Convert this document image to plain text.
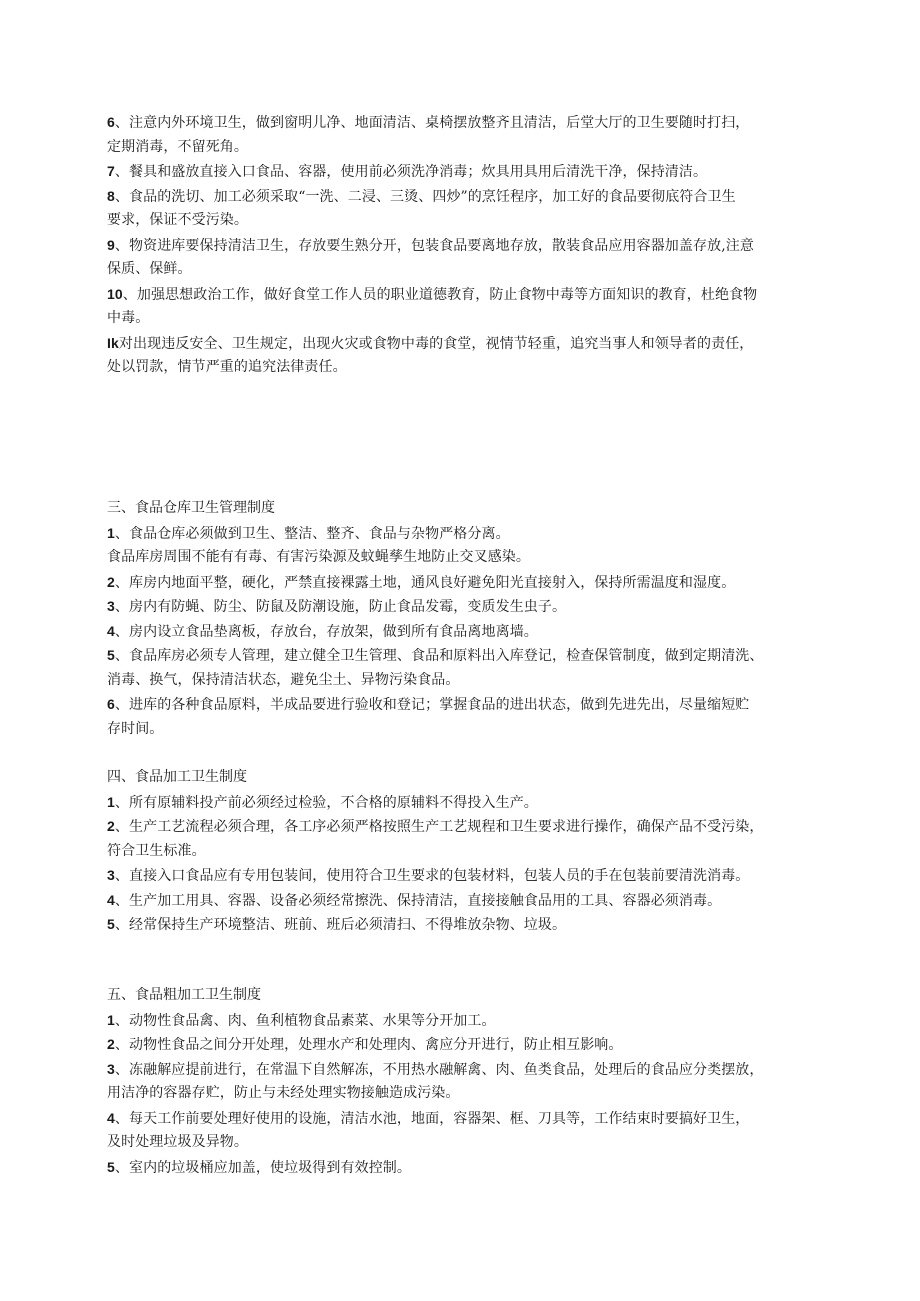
6、注意内外环境卫生，做到窗明儿净、地面清洁、桌椅摆放整齐且清洁，后堂大厅的卫生要随时打扫，
定期消毒，不留死角。
7、餐具和盛放直接入口食品、容器，使用前必须洗净消毒；炊具用具用后清洗干净，保持清洁。
8、食品的洗切、加工必须采取“一洗、二浸、三烫、四炒”的烹饪程序，加工好的食品要彻底符合卫生
要求，保证不受污染。
9、物资进库要保持清洁卫生，存放要生熟分开，包装食品要离地存放，散装食品应用容器加盖存放,注意
保质、保鲜。
10、加强思想政治工作，做好食堂工作人员的职业道德教育，防止食物中毒等方面知识的教育，杜绝食物
中毒。
Ik对出现违反安全、卫生规定，出现火灾或食物中毒的食堂，视情节轻重，追究当事人和领导者的责任，
处以罚款，情节严重的追究法律责任。
三、食品仓库卫生管理制度
1、食品仓库必须做到卫生、整洁、整齐、食品与杂物严格分离。
食品库房周围不能有有毒、有害污染源及蚊蝇孳生地防止交叉感染。
2、库房内地面平整，硬化，严禁直接裸露土地，通风良好避免阳光直接射入，保持所需温度和湿度。
3、房内有防蝇、防尘、防鼠及防潮设施，防止食品发霉，变质发生虫子。
4、房内设立食品垫离板，存放台，存放架，做到所有食品离地离墙。
5、食品库房必须专人管理，建立健全卫生管理、食品和原料出入库登记，检查保管制度，做到定期清洗、
消毒、换气，保持清洁状态，避免尘土、异物污染食品。
6、进库的各种食品原料，半成品要进行验收和登记；掌握食品的进出状态，做到先进先出，尽量缩短贮
存时间。
四、食品加工卫生制度
1、所有原辅料投产前必须经过检验，不合格的原辅料不得投入生产。
2、生产工艺流程必须合理，各工序必须严格按照生产工艺规程和卫生要求进行操作，确保产品不受污染，
符合卫生标准。
3、直接入口食品应有专用包装间，使用符合卫生要求的包装材料，包装人员的手在包装前要清洗消毒。
4、生产加工用具、容器、设备必须经常擦洗、保持清洁，直接接触食品用的工具、容器必须消毒。
5、经常保持生产环境整洁、班前、班后必须清扫、不得堆放杂物、垃圾。
五、食品粗加工卫生制度
1、动物性食品禽、肉、鱼利植物食品素菜、水果等分开加工。
2、动物性食品之间分开处理，处理水产和处理肉、禽应分开进行，防止相互影响。
3、冻融解应提前进行，在常温下自然解冻，不用热水融解禽、肉、鱼类食品，处理后的食品应分类摆放，
用洁净的容器存贮，防止与未经处理实物接触造成污染。
4、每天工作前要处理好使用的设施，清洁水池，地面，容器架、框、刀具等，工作结束时要搞好卫生，
及时处理垃圾及异物。
5、室内的垃圾桶应加盖，使垃圾得到有效控制。
